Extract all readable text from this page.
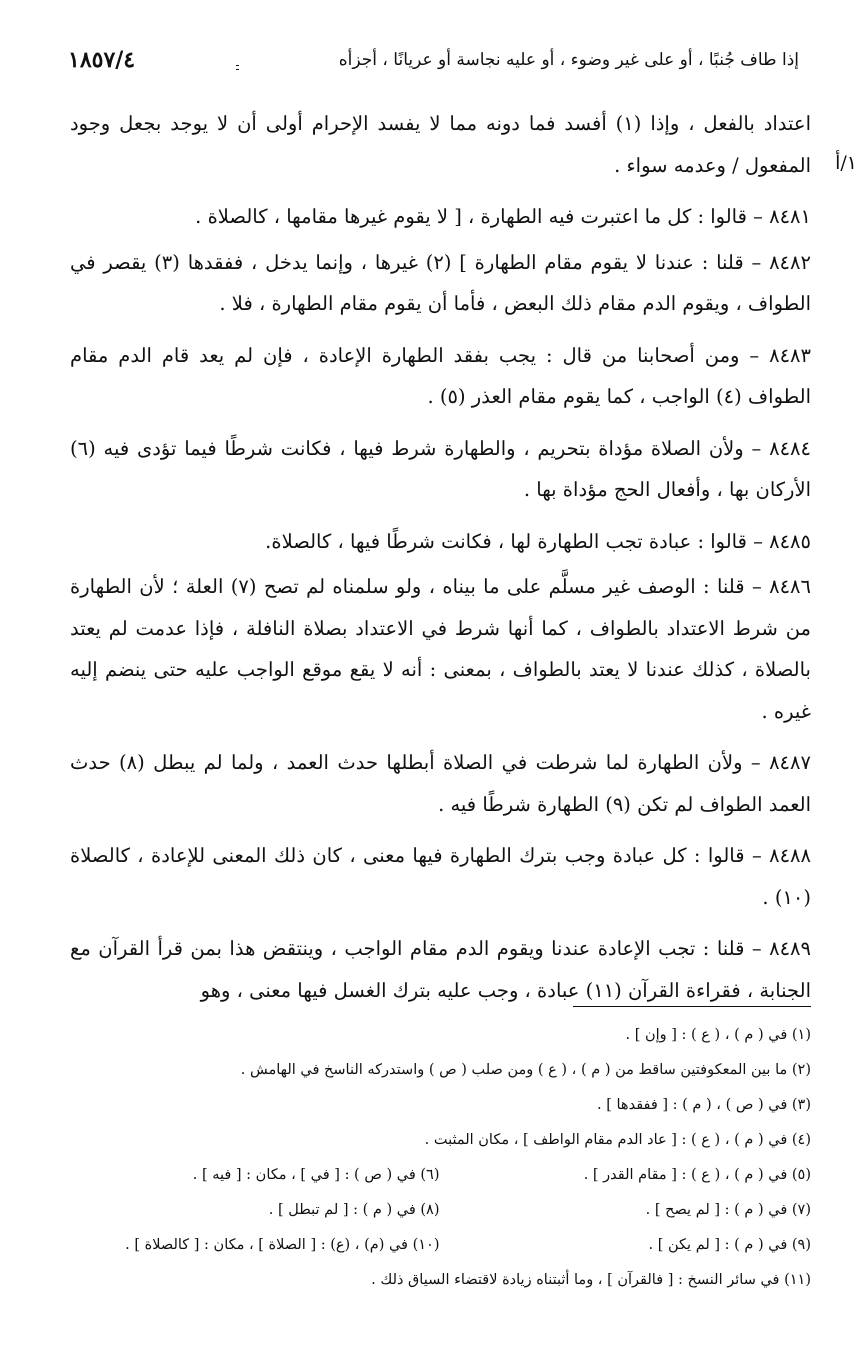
إذا طاف جُنبًا ، أو على غير وضوء ، أو عليه نجاسة أو عريانًا ، أجزأه
١٨٥٧/٤
١/أ

اعتداد بالفعل ، وإذا (١) أفسد فما دونه مما لا يفسد الإحرام أولى أن لا يوجد بجعل وجود المفعول / وعدمه سواء .

٨٤٨١ – قالوا : كل ما اعتبرت فيه الطهارة ، [ لا يقوم غيرها مقامها ، كالصلاة .

٨٤٨٢ – قلنا : عندنا لا يقوم مقام الطهارة ] (٢) غيرها ، وإنما يدخل ، ففقدها (٣) يقصر في الطواف ، ويقوم الدم مقام ذلك البعض ، فأما أن يقوم مقام الطهارة ، فلا .

٨٤٨٣ – ومن أصحابنا من قال : يجب بفقد الطهارة الإعادة ، فإن لم يعد قام الدم مقام الطواف (٤) الواجب ، كما يقوم مقام العذر (٥) .

٨٤٨٤ – ولأن الصلاة مؤداة بتحريم ، والطهارة شرط فيها ، فكانت شرطًا فيما تؤدى فيه (٦) الأركان بها ، وأفعال الحج مؤداة بها .

٨٤٨٥ – قالوا : عبادة تجب الطهارة لها ، فكانت شرطًا فيها ، كالصلاة.

٨٤٨٦ – قلنا : الوصف غير مسلَّم على ما بيناه ، ولو سلمناه لم تصح (٧) العلة ؛ لأن الطهارة من شرط الاعتداد بالطواف ، كما أنها شرط في الاعتداد بصلاة النافلة ، فإذا عدمت لم يعتد بالصلاة ، كذلك عندنا لا يعتد بالطواف ، بمعنى : أنه لا يقع موقع الواجب عليه حتى ينضم إليه غيره .

٨٤٨٧ – ولأن الطهارة لما شرطت في الصلاة أبطلها حدث العمد ، ولما لم يبطل (٨) حدث العمد الطواف لم تكن (٩) الطهارة شرطًا فيه .

٨٤٨٨ – قالوا : كل عبادة وجب بترك الطهارة فيها معنى ، كان ذلك المعنى للإعادة ، كالصلاة (١٠) .

٨٤٨٩ – قلنا : تجب الإعادة عندنا ويقوم الدم مقام الواجب ، وينتقض هذا بمن قرأ القرآن مع الجنابة ، فقراءة القرآن (١١) عبادة ، وجب عليه بترك الغسل فيها معنى ، وهو

(١) في ( م ) ، ( ع ) : [ وإن ] .
(٢) ما بين المعكوفتين ساقط من ( م ) ، ( ع ) ومن صلب ( ص ) واستدركه الناسخ في الهامش .
(٣) في ( ص ) ، ( م ) : [ ففقدها ] .
(٤) في ( م ) ، ( ع ) : [ عاد الدم مقام الواطف ] ، مكان المثبت .
(٥) في ( م ) ، ( ع ) : [ مقام القدر ] .
(٦) في ( ص ) : [ في ] ، مكان : [ فيه ] .
(٧) في ( م ) : [ لم يصح ] .
(٨) في ( م ) : [ لم تبطل ] .
(٩) في ( م ) : [ لم يكن ] .
(١٠) في (م) ، (ع) : [ الصلاة ] ، مكان : [ كالصلاة ] .
(١١) في سائر النسخ : [ فالقرآن ] ، وما أثبتناه زيادة لاقتضاء السياق ذلك .
